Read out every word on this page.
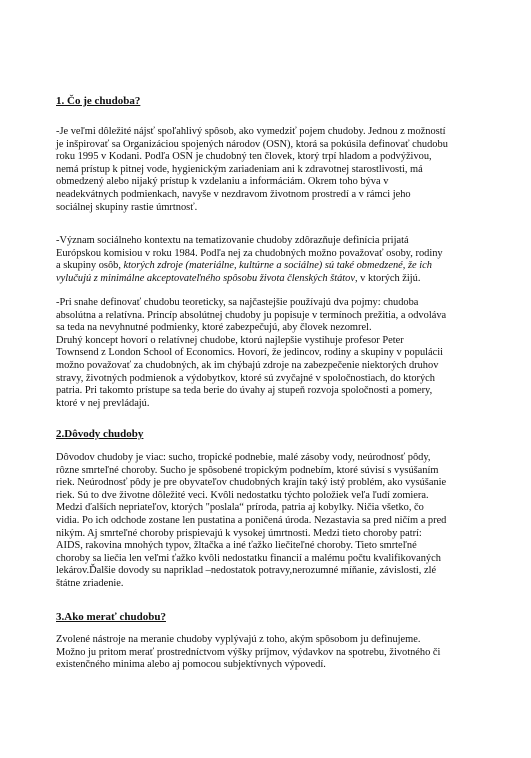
1. Čo je chudoba?
-Je veľmi dôležité nájsť spoľahlivý spôsob, ako vymedziť pojem chudoby. Jednou z možností
je inšpirovať sa Organizáciou spojených národov (OSN), ktorá sa pokúsila definovať chudobu
roku 1995 v Kodani. Podľa OSN je chudobný ten človek, ktorý trpí hladom a podvýživou,
nemá prístup k pitnej vode, hygienickým zariadeniam ani k zdravotnej starostlivosti, má
obmedzený alebo nijaký prístup k vzdelaniu a informáciám. Okrem toho býva v
neadekvátnych podmienkach, navyše v nezdravom životnom prostredí a v rámci jeho
sociálnej skupiny rastie úmrtnosť.
-Význam sociálneho kontextu na tematizovanie chudoby zdôrazňuje definícia prijatá
Európskou komisiou v roku 1984. Podľa nej za chudobných možno považovať osoby, rodiny
a skupiny osôb, ktorých zdroje (materiálne, kultúrne a sociálne) sú také obmedzené, že ich
vylučujú z minimálne akceptovateľného spôsobu života členských štátov, v ktorých žijú.
-Pri snahe definovať chudobu teoreticky, sa najčastejšie používajú dva pojmy: chudoba
absolútna a relatívna. Princíp absolútnej chudoby ju popisuje v termínoch prežitia, a odvoláva
sa teda na nevyhnutné podmienky, ktoré zabezpečujú, aby človek nezomrel.
Druhý koncept hovorí o relatívnej chudobe, ktorú najlepšie vystihuje profesor Peter
Townsend z London School of Economics. Hovorí, že jedincov, rodiny a skupiny v populácii
možno považovať za chudobných, ak im chýbajú zdroje na zabezpečenie niektorých druhov
stravy, životných podmienok a výdobytkov, ktoré sú zvyčajné v spoločnostiach, do ktorých
patria. Pri takomto prístupe sa teda berie do úvahy aj stupeň rozvoja spoločnosti a pomery,
ktoré v nej prevládajú.
2.Dôvody chudoby
Dôvodov chudoby je viac: sucho, tropické podnebie, malé zásoby vody, neúrodnosť pôdy,
rôzne smrteľné choroby. Sucho je spôsobené tropickým podnebím, ktoré súvisí s vysúšaním
riek. Neúrodnosť pôdy je pre obyvateľov chudobných krajín taký istý problém, ako vysúšanie
riek. Sú to dve životne dôležité veci. Kvôli nedostatku týchto položiek veľa ľudí zomiera.
Medzi ďalších nepriateľov, ktorých "poslala“ príroda, patria aj kobylky. Ničia všetko, čo
vidia. Po ich odchode zostane len pustatina a poničená úroda. Nezastavia sa pred ničím a pred
nikým. Aj smrteľné choroby prispievajú k vysokej úmrtnosti. Medzi tieto choroby patrí:
AIDS, rakovina mnohých typov, žltačka a iné ťažko liečiteľné choroby. Tieto smrteľné
choroby sa liečia len veľmi ťažko kvôli nedostatku financií a malému počtu kvalifikovaných
lekárov.Ďalšie dovody su napriklad –nedostatok potravy,nerozumné míňanie, závislosti, zlé
štátne zriadenie.
3.Ako merať chudobu?
Zvolené nástroje na meranie chudoby vyplývajú z toho, akým spôsobom ju definujeme.
Možno ju pritom merať prostredníctvom výšky príjmov, výdavkov na spotrebu, životného či
existenčného minima alebo aj pomocou subjektívnych výpovedí.
